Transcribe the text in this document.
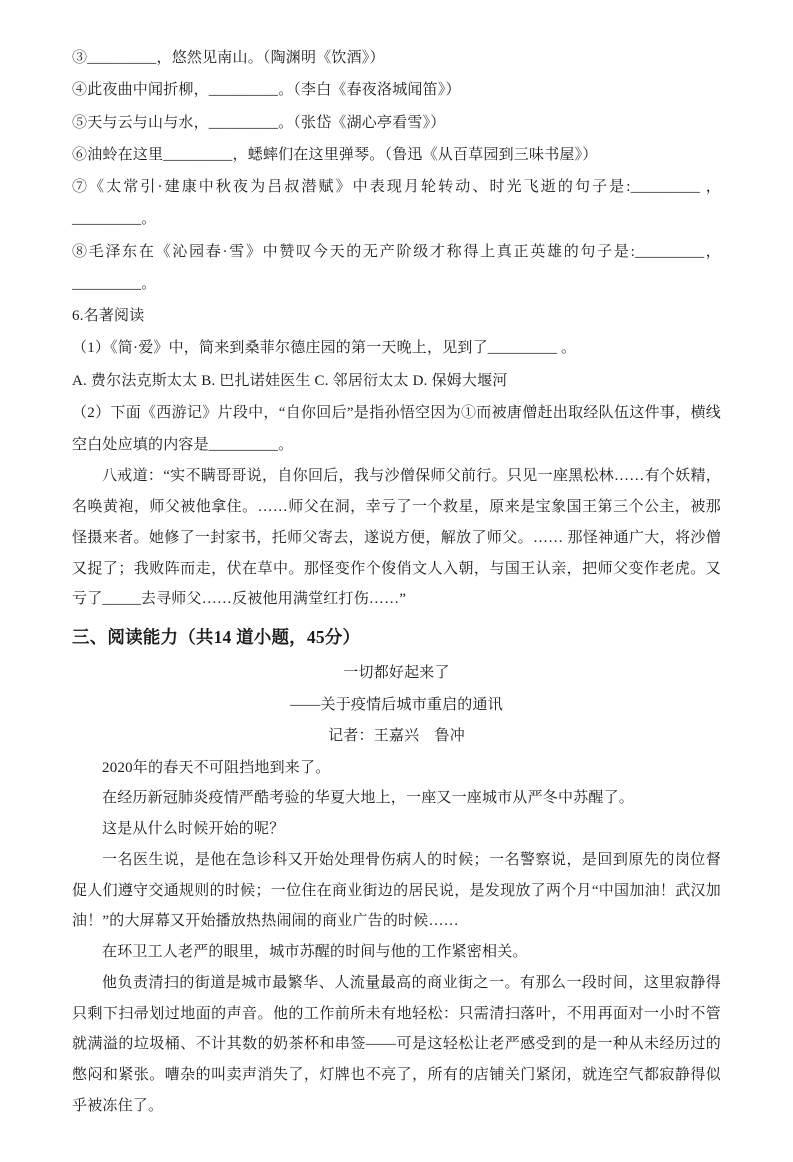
③_________，悠然见南山。（陶渊明《饮酒》）

④此夜曲中闻折柳，_________。（李白《春夜洛城闻笛》）

⑤天与云与山与水，_________。（张岱《湖心亭看雪》）

⑥油蛉在这里_________，蟋蟀们在这里弹琴。（鲁迅《从百草园到三味书屋》）

⑦《太常引·建康中秋夜为吕叔潜赋》中表现月轮转动、时光飞逝的句子是:_________ ，_________。

⑧毛泽东在《沁园春·雪》中赞叹今天的无产阶级才称得上真正英雄的句子是:_________， _________。

6.名著阅读

（1）《简·爱》中，简来到桑菲尔德庄园的第一天晚上，见到了_________ 。

A. 费尔法克斯太太 B. 巴扎诺娃医生 C. 邻居衍太太 D. 保姆大堰河

（2）下面《西游记》片段中，“自你回后”是指孙悟空因为①而被唐僧赶出取经队伍这件事，横线空白处应填的内容是_________。

八戒道：“实不瞒哥哥说，自你回后，我与沙僧保师父前行。只见一座黑松林……有个妖精，名唤黄袍，师父被他拿住。……师父在洞，幸亏了一个救星，原来是宝象国王第三个公主，被那怪摄来者。她修了一封家书，托师父寄去，遂说方便，解放了师父。…… 那怪神通广大，将沙僧又捉了；我败阵而走，伏在草中。那怪变作个俊俏文人入朝，与国王认亲，把师父变作老虎。又亏了_____去寻师父……反被他用满堂红打伤……”

三、阅读能力（共14 道小题，45分）

一切都好起来了

——关于疫情后城市重启的通讯

记者：王嘉兴　鲁冲

2020年的春天不可阻挡地到来了。

在经历新冠肺炎疫情严酷考验的华夏大地上，一座又一座城市从严冬中苏醒了。

这是从什么时候开始的呢？

一名医生说，是他在急诊科又开始处理骨伤病人的时候；一名警察说，是回到原先的岗位督促人们遵守交通规则的时候；一位住在商业街边的居民说，是发现放了两个月“中国加油！武汉加油！”的大屏幕又开始播放热热闹闹的商业广告的时候……

在环卫工人老严的眼里，城市苏醒的时间与他的工作紧密相关。

他负责清扫的街道是城市最繁华、人流量最高的商业街之一。有那么一段时间，这里寂静得只剩下扫帚划过地面的声音。他的工作前所未有地轻松：只需清扫落叶，不用再面对一小时不管就满溢的垃圾桶、不计其数的奶茶杯和串签——可是这轻松让老严感受到的是一种从未经历过的憋闷和紧张。嘈杂的叫卖声消失了，灯牌也不亮了，所有的店铺关门紧闭，就连空气都寂静得似乎被冻住了。
